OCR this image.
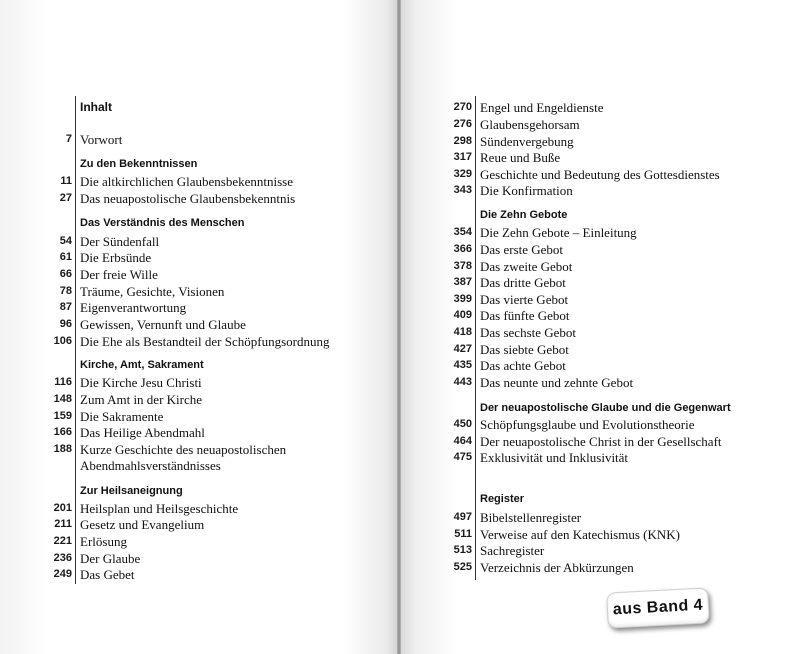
Inhalt
7 Vorwort
Zu den Bekenntnissen
11 Die altkirchlichen Glaubensbekenntnisse
27 Das neuapostolische Glaubensbekenntnis
Das Verständnis des Menschen
54 Der Sündenfall
61 Die Erbsünde
66 Der freie Wille
78 Träume, Gesichte, Visionen
87 Eigenverantwortung
96 Gewissen, Vernunft und Glaube
106 Die Ehe als Bestandteil der Schöpfungsordnung
Kirche, Amt, Sakrament
116 Die Kirche Jesu Christi
148 Zum Amt in der Kirche
159 Die Sakramente
166 Das Heilige Abendmahl
188 Kurze Geschichte des neuapostolischen
Abendmahlsverständnisses
Zur Heilsaneignung
201 Heilsplan und Heilsgeschichte
211 Gesetz und Evangelium
221 Erlösung
236 Der Glaube
249 Das Gebet
270 Engel und Engeldienste
276 Glaubensgehorsam
298 Sündenvergebung
317 Reue und Buße
329 Geschichte und Bedeutung des Gottesdienstes
343 Die Konfirmation
Die Zehn Gebote
354 Die Zehn Gebote – Einleitung
366 Das erste Gebot
378 Das zweite Gebot
387 Das dritte Gebot
399 Das vierte Gebot
409 Das fünfte Gebot
418 Das sechste Gebot
427 Das siebte Gebot
435 Das achte Gebot
443 Das neunte und zehnte Gebot
Der neuapostolische Glaube und die Gegenwart
450 Schöpfungsglaube und Evolutionstheorie
464 Der neuapostolische Christ in der Gesellschaft
475 Exklusivität und Inklusivität
Register
497 Bibelstellenregister
511 Verweise auf den Katechismus (KNK)
513 Sachregister
525 Verzeichnis der Abkürzungen
aus Band 4
